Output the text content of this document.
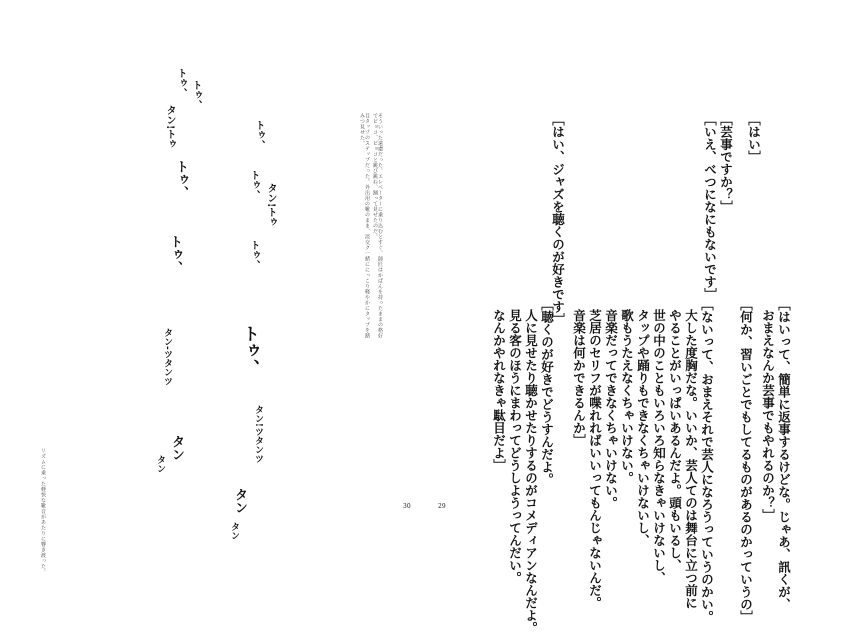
［はい］
［芸事ですか？］
［いえ、べつになにもないです］
［はい、ジャズを聴くのが好きです］
［はいって、簡単に返事するけどな。じゃあ、訊くが、
おまえなんか芸事でもやれるのか？］
［何か、習いごとでもしてるものがあるのかっていうの］
［ないって、おまえそれで芸人になろうっていうのかい。
大した度胸だな。いいか、芸人てのは舞台に立つ前に
やることがいっぱいあるんだよ。頭もいるし、
世の中のこともいろいろ知らなきゃいけないし、
タップや踊りもできなくちゃいけないし、
歌もうたえなくちゃいけない。
音楽だってできなくちゃいけない。
芝居のセリフが喋れればいいってもんじゃないんだ。
音楽は何かできるんか］
［聴くのが好きでどうすんだよ。
人に見せたり聴かせたりするのがコメディアンなんだよ。
見る客のほうにまわってどうしようってんだい。
なんかやれなきゃ駄目だよ］
29
そういった遠慮だった。エレベーターに乗り込むとすぐ、師匠はかばんを持ったままの格好でピョコ、ピョコと跳び跳ね、踊って見せたのだ。
目タップのステップだった。外出用の靴のまま、淡交ク一緒ににっこり軽やかにタップを踏みつ見せた。
リズムに乗った軽快な靴音があたりに響き渡った。	30
トゥ、 トゥ、
タン!トゥ
トゥ、
トゥ、
トゥ、
トゥ、 タン!トゥ
トゥ、
タン-ツタンツ
タン
タン
トゥ、
タン!ツタンツ
タン
タン
